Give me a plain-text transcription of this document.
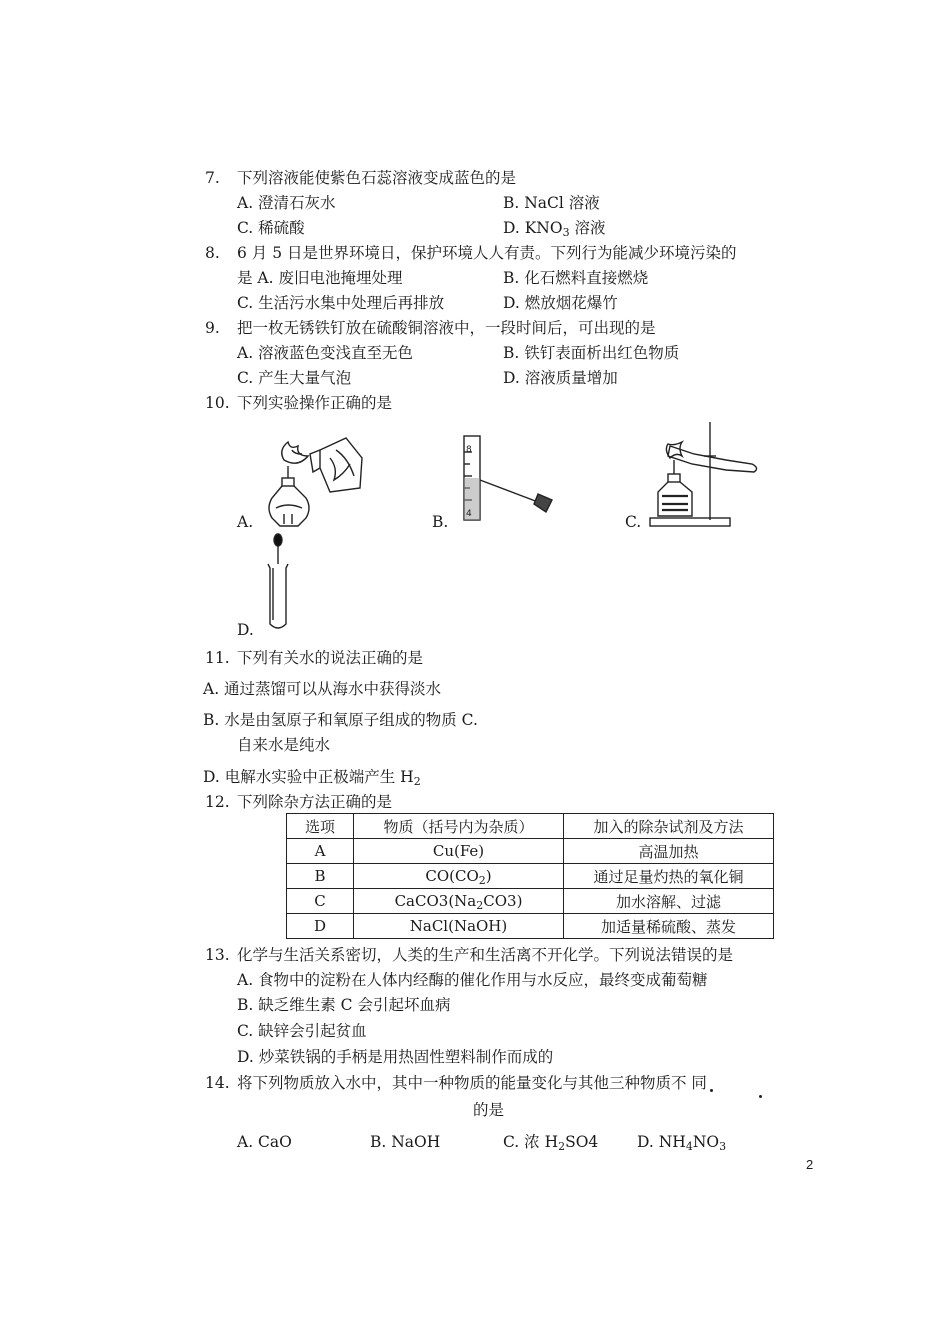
7. 下列溶液能使紫色石蕊溶液变成蓝色的是
A. 澄清石灰水	B. NaCl 溶液
C. 稀硫酸	D. $KNO_3$ 溶液
8. 6 月 5 日是世界环境日，保护环境人人有责。下列行为能减少环境污染的
是 A. 废旧电池掩埋处理	B. 化石燃料直接燃烧
C. 生活污水集中处理后再排放	D. 燃放烟花爆竹
9. 把一枚无锈铁钉放在硫酸铜溶液中，一段时间后，可出现的是
A. 溶液蓝色变浅直至无色	B. 铁钉表面析出红色物质
C. 产生大量气泡	D. 溶液质量增加
10. 下列实验操作正确的是
A.
8
4
B.	C.
D.
11. 下列有关水的说法正确的是
A. 通过蒸馏可以从海水中获得淡水
B. 水是由氢原子和氧原子组成的物质 C.
自来水是纯水
D. 电解水实验中正极端产生 $H_2$
12. 下列除杂方法正确的是
选项	物质（括号内为杂质）	加入的除杂试剂及方法
A	Cu(Fe)	高温加热
B	$CO(CO_2)$	通过足量灼热的氧化铜
C	$CaCO3(Na_2CO3)$	加水溶解、过滤
D	NaCl(NaOH)	加适量稀硫酸、蒸发
13. 化学与生活关系密切，人类的生产和生活离不开化学。下列说法错误的是
A. 食物中的淀粉在人体内经酶的催化作用与水反应，最终变成葡萄糖
B. 缺乏维生素 C 会引起坏血病
C. 缺锌会引起贫血
D. 炒菜铁锅的手柄是用热固性塑料制作而成的
14. 将下列物质放入水中，其中一种物质的能量变化与其他三种物质不 同
的是
A. CaO	B. NaOH	C. 浓 $H_2SO4$ D. $NH_4NO_3$
2
